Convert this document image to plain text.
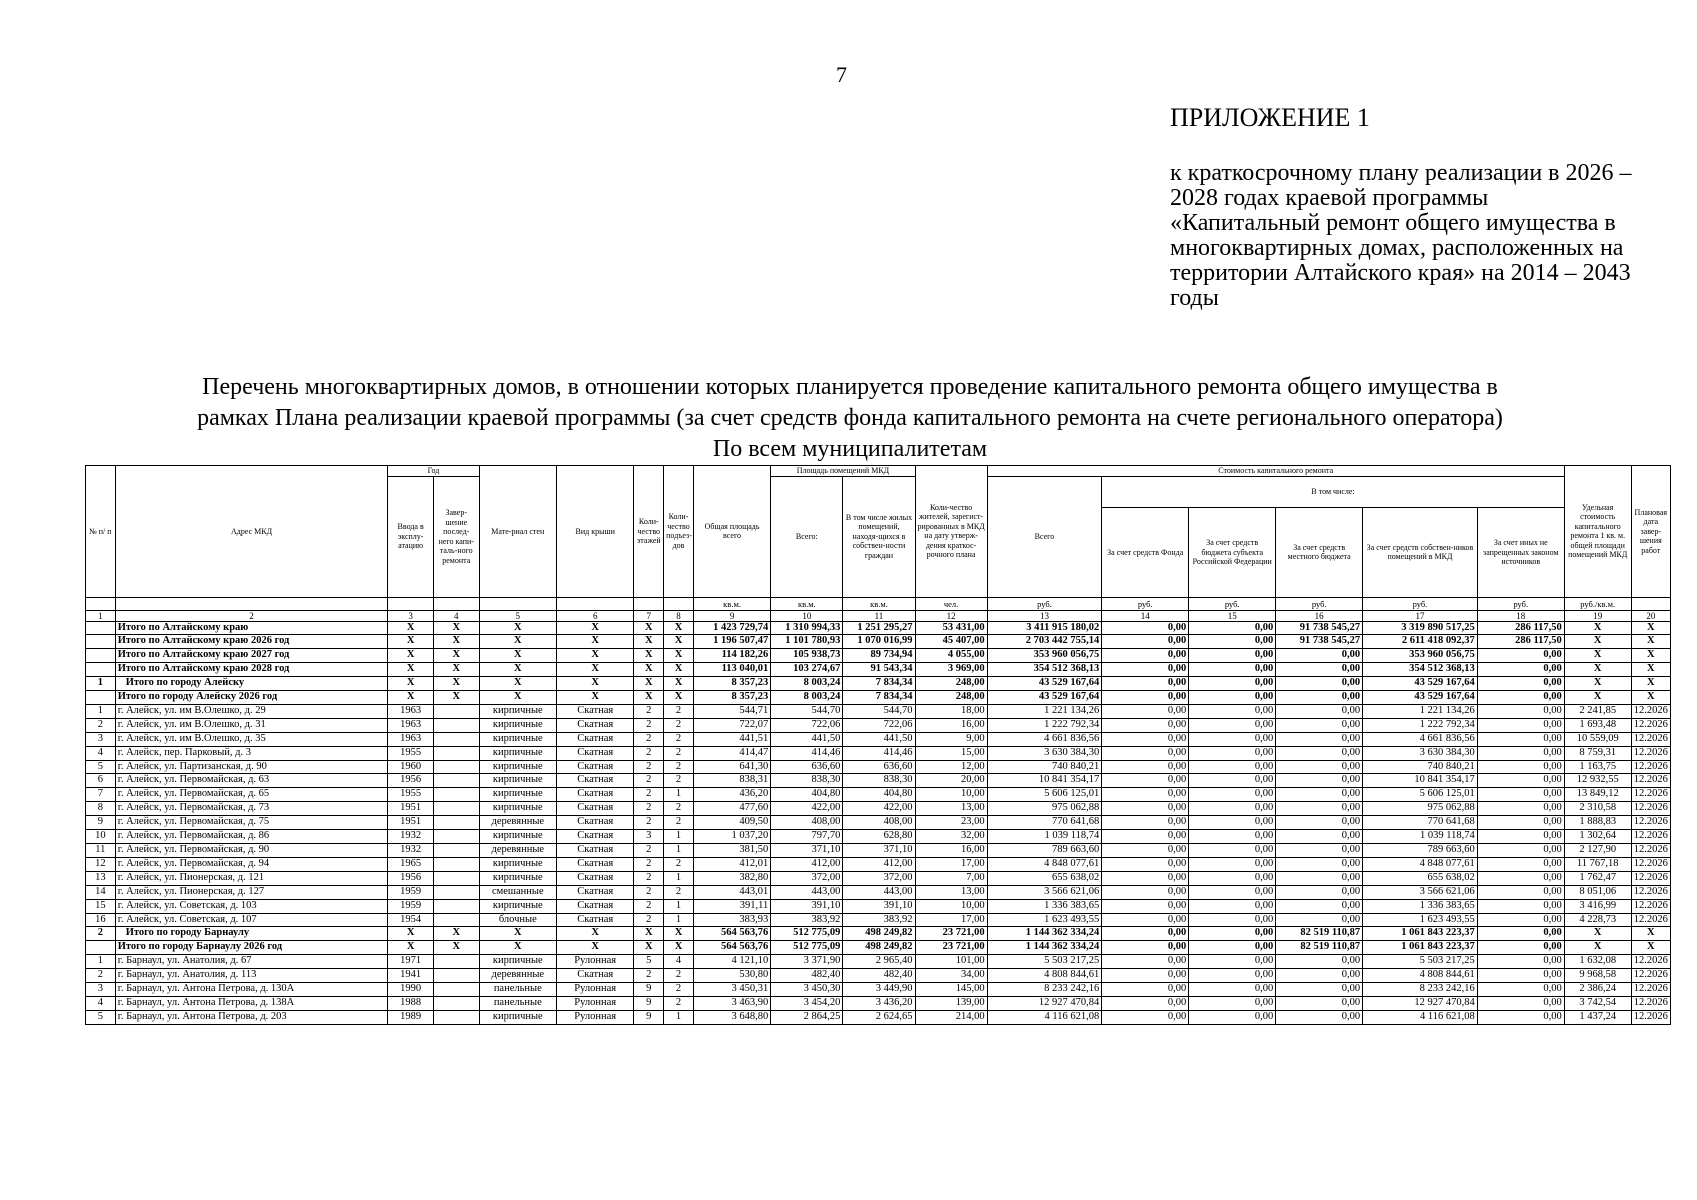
7
ПРИЛОЖЕНИЕ 1

к краткосрочному плану реализации в 2026 – 2028 годах краевой программы «Капитальный ремонт общего имущества в многоквартирных домах, расположенных на территории Алтайского края» на 2014 – 2043 годы

Перечень многоквартирных домов, в отношении которых планируется проведение капитального ремонта общего имущества в
рамках Плана реализации краевой программы (за счет средств фонда капитального ремонта на счете регионального оператора)
По всем муниципалитетам
№ п/ п	Адрес МКД	Год		Мате-риал стен	Вид крыши	Коли-чество этажей	Коли-чество подъез-дов	Общая площадь всего	Площадь помещений МКД		Коли-чество жителей, зарегист-рированных в МКД на дату утверж-дения краткос-рочного плана	Стоимость капитального ремонта						Удельная стоимость капитального ремонта 1 кв. м. общей площади помещений МКД	Плановая дата завер-шения работ
		Ввода в эксплу-атацию	Завер-шение послед-него капи-таль-ного ремонта						Всего:	В том числе жилых помещений, находя-щихся в собствен-ности граждан		Всего	В том числе:						
													За счет средств Фонда	За счет средств бюджета субъекта Российской Федерации	За счет средств местного бюджета	За счет средств собствен-ников помещений в МКД	За счет иных не запрещенных законом источников		
								кв.м.	кв.м.	кв.м.	чел.	руб.	руб.	руб.	руб.	руб.	руб.	руб./кв.м.	
1	2	3	4	5	6	7	8	9	10	11	12	13	14	15	16	17	18	19	20
	Итого по Алтайскому краю	X	X	X	X	X	X	1 423 729,74	1 310 994,33	1 251 295,27	53 431,00	3 411 915 180,02	0,00	0,00	91 738 545,27	3 319 890 517,25	286 117,50	X	X
	Итого по Алтайскому краю 2026 год	X	X	X	X	X	X	1 196 507,47	1 101 780,93	1 070 016,99	45 407,00	2 703 442 755,14	0,00	0,00	91 738 545,27	2 611 418 092,37	286 117,50	X	X
	Итого по Алтайскому краю 2027 год	X	X	X	X	X	X	114 182,26	105 938,73	89 734,94	4 055,00	353 960 056,75	0,00	0,00	0,00	353 960 056,75	0,00	X	X
	Итого по Алтайскому краю 2028 год	X	X	X	X	X	X	113 040,01	103 274,67	91 543,34	3 969,00	354 512 368,13	0,00	0,00	0,00	354 512 368,13	0,00	X	X
1	Итого по городу Алейску	X	X	X	X	X	X	8 357,23	8 003,24	7 834,34	248,00	43 529 167,64	0,00	0,00	0,00	43 529 167,64	0,00	X	X
	Итого по городу Алейску 2026 год	X	X	X	X	X	X	8 357,23	8 003,24	7 834,34	248,00	43 529 167,64	0,00	0,00	0,00	43 529 167,64	0,00	X	X
1	г. Алейск, ул. им В.Олешко, д. 29	1963		кирпичные	Скатная	2	2	544,71	544,70	544,70	18,00	1 221 134,26	0,00	0,00	0,00	1 221 134,26	0,00	2 241,85	12.2026
2	г. Алейск, ул. им В.Олешко, д. 31	1963		кирпичные	Скатная	2	2	722,07	722,06	722,06	16,00	1 222 792,34	0,00	0,00	0,00	1 222 792,34	0,00	1 693,48	12.2026
3	г. Алейск, ул. им В.Олешко, д. 35	1963		кирпичные	Скатная	2	2	441,51	441,50	441,50	9,00	4 661 836,56	0,00	0,00	0,00	4 661 836,56	0,00	10 559,09	12.2026
4	г. Алейск, пер. Парковый, д. 3	1955		кирпичные	Скатная	2	2	414,47	414,46	414,46	15,00	3 630 384,30	0,00	0,00	0,00	3 630 384,30	0,00	8 759,31	12.2026
5	г. Алейск, ул. Партизанская, д. 90	1960		кирпичные	Скатная	2	2	641,30	636,60	636,60	12,00	740 840,21	0,00	0,00	0,00	740 840,21	0,00	1 163,75	12.2026
6	г. Алейск, ул. Первомайская, д. 63	1956		кирпичные	Скатная	2	2	838,31	838,30	838,30	20,00	10 841 354,17	0,00	0,00	0,00	10 841 354,17	0,00	12 932,55	12.2026
7	г. Алейск, ул. Первомайская, д. 65	1955		кирпичные	Скатная	2	1	436,20	404,80	404,80	10,00	5 606 125,01	0,00	0,00	0,00	5 606 125,01	0,00	13 849,12	12.2026
8	г. Алейск, ул. Первомайская, д. 73	1951		кирпичные	Скатная	2	2	477,60	422,00	422,00	13,00	975 062,88	0,00	0,00	0,00	975 062,88	0,00	2 310,58	12.2026
9	г. Алейск, ул. Первомайская, д. 75	1951		деревянные	Скатная	2	2	409,50	408,00	408,00	23,00	770 641,68	0,00	0,00	0,00	770 641,68	0,00	1 888,83	12.2026
10	г. Алейск, ул. Первомайская, д. 86	1932		кирпичные	Скатная	3	1	1 037,20	797,70	628,80	32,00	1 039 118,74	0,00	0,00	0,00	1 039 118,74	0,00	1 302,64	12.2026
11	г. Алейск, ул. Первомайская, д. 90	1932		деревянные	Скатная	2	1	381,50	371,10	371,10	16,00	789 663,60	0,00	0,00	0,00	789 663,60	0,00	2 127,90	12.2026
12	г. Алейск, ул. Первомайская, д. 94	1965		кирпичные	Скатная	2	2	412,01	412,00	412,00	17,00	4 848 077,61	0,00	0,00	0,00	4 848 077,61	0,00	11 767,18	12.2026
13	г. Алейск, ул. Пионерская, д. 121	1956		кирпичные	Скатная	2	1	382,80	372,00	372,00	7,00	655 638,02	0,00	0,00	0,00	655 638,02	0,00	1 762,47	12.2026
14	г. Алейск, ул. Пионерская, д. 127	1959		смешанные	Скатная	2	2	443,01	443,00	443,00	13,00	3 566 621,06	0,00	0,00	0,00	3 566 621,06	0,00	8 051,06	12.2026
15	г. Алейск, ул. Советская, д. 103	1959		кирпичные	Скатная	2	1	391,11	391,10	391,10	10,00	1 336 383,65	0,00	0,00	0,00	1 336 383,65	0,00	3 416,99	12.2026
16	г. Алейск, ул. Советская, д. 107	1954		блочные	Скатная	2	1	383,93	383,92	383,92	17,00	1 623 493,55	0,00	0,00	0,00	1 623 493,55	0,00	4 228,73	12.2026
2	Итого по городу Барнаулу	X	X	X	X	X	X	564 563,76	512 775,09	498 249,82	23 721,00	1 144 362 334,24	0,00	0,00	82 519 110,87	1 061 843 223,37	0,00	X	X
	Итого по городу Барнаулу 2026 год	X	X	X	X	X	X	564 563,76	512 775,09	498 249,82	23 721,00	1 144 362 334,24	0,00	0,00	82 519 110,87	1 061 843 223,37	0,00	X	X
1	г. Барнаул, ул. Анатолия, д. 67	1971		кирпичные	Рулонная	5	4	4 121,10	3 371,90	2 965,40	101,00	5 503 217,25	0,00	0,00	0,00	5 503 217,25	0,00	1 632,08	12.2026
2	г. Барнаул, ул. Анатолия, д. 113	1941		деревянные	Скатная	2	2	530,80	482,40	482,40	34,00	4 808 844,61	0,00	0,00	0,00	4 808 844,61	0,00	9 968,58	12.2026
3	г. Барнаул, ул. Антона Петрова, д. 130А	1990		панельные	Рулонная	9	2	3 450,31	3 450,30	3 449,90	145,00	8 233 242,16	0,00	0,00	0,00	8 233 242,16	0,00	2 386,24	12.2026
4	г. Барнаул, ул. Антона Петрова, д. 138А	1988		панельные	Рулонная	9	2	3 463,90	3 454,20	3 436,20	139,00	12 927 470,84	0,00	0,00	0,00	12 927 470,84	0,00	3 742,54	12.2026
5	г. Барнаул, ул. Антона Петрова, д. 203	1989		кирпичные	Рулонная	9	1	3 648,80	2 864,25	2 624,65	214,00	4 116 621,08	0,00	0,00	0,00	4 116 621,08	0,00	1 437,24	12.2026
